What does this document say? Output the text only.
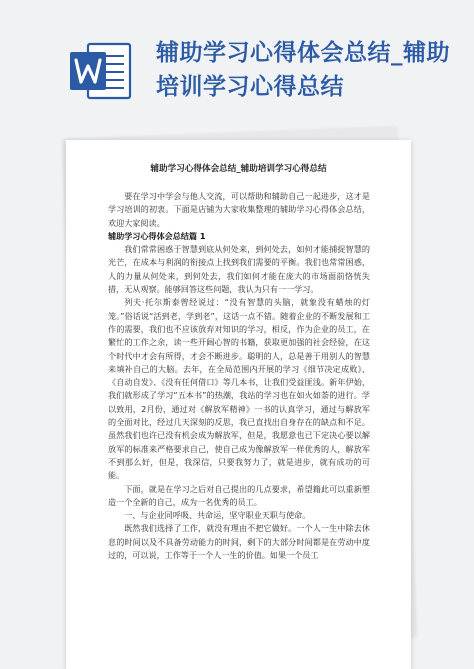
辅助学习心得体会总结_辅助培训学习心得总结
辅助学习心得体会总结_辅助培训学习心得总结

要在学习中学会与他人交流，可以帮助和辅助自己一起进步，这才是学习培训的初衷。下面是店铺为大家收集整理的辅助学习心得体会总结，欢迎大家阅读。

辅助学习心得体会总结篇 1

我们常常困惑于智慧到底从何处来，到何处去，如何才能捕捉智慧的光芒，在成本与利润的衔接点上找到我们需要的平衡。我们也常常困惑，人的力量从何处来，到何处去，我们如何才能在庞大的市场面前恪恍失措，无从观察。能够回答这些问题，我认为只有一一学习。

列夫·托尔斯泰曾经说过：“没有智慧的头脑，就象没有蜡烛的灯笼。”俗话说“活到老，学到老”，这话一点不错。随着企业的不断发展和工作的需要，我们也不应该放弃对知识的学习，相反，作为企业的员工，在繁忙的工作之余，读一些开阔心智的书籍，获取更加强的社会经验，在这个时代中才会有所得，才会不断进步。聪明的人，总是善于用别人的智慧来填补自己的大脑。去年，在全局范围内开展的学习《细节决定成败》、《自动自发》、《没有任何借口》等几本书，让我们受益匪浅。新年伊始，我们就形成了学习“五本书”的热潮，我站的学习也在如火如荼的进行。学以致用，2月份，通过对《解放军精神》一书的认真学习，通过与解放军的全面对比，经过几天深刻的反思，我已直找出自身存在的缺点和不足。虽然我们也许已没有机会成为解放军，但是，我愿意也已下定决心要以解放军的标准来严格要求自己，使自己成为像解放军一样优秀的人，解放军不到那么好，但是，我深信，只要我努力了，就是进步，就有成功的可能。

下面，就是在学习之后对自己提出的几点要求，希望籍此可以重新塑造一个全新的自己，成为一名优秀的员工。

一、与企业同呼吸、共命运，坚守职业天职与使命。

既然我们选择了工作，就没有理由不把它做好。一个人一生中除去休息的时间以及不具备劳动能力的时间，剩下的大部分时间都是在劳动中度过的，可以说，工作等于一个人一生的价值。如果一个员工
